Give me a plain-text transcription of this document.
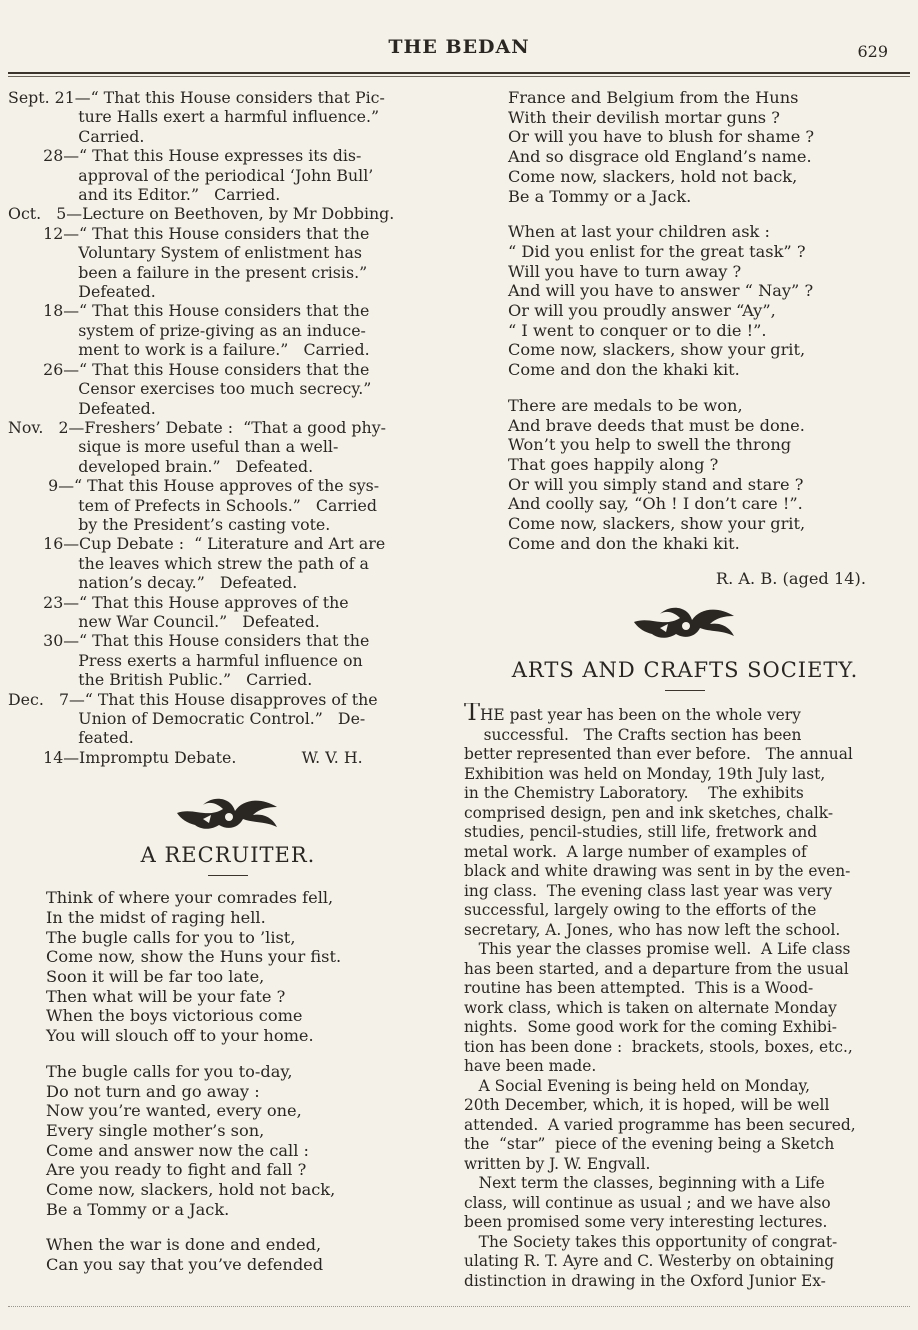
THE BEDAN	629
Sept. 21—“ That this House considers that Pic-
ture Halls exert a harmful influence.”
Carried.
28—“ That this House expresses its dis-
approval of the periodical ‘John Bull’
and its Editor.”   Carried.
Oct.   5—Lecture on Beethoven, by Mr Dobbing.
12—“ That this House considers that the
Voluntary System of enlistment has
been a failure in the present crisis.”
Defeated.
18—“ That this House considers that the
system of prize-giving as an induce-
ment to work is a failure.”   Carried.
26—“ That this House considers that the
Censor exercises too much secrecy.”
Defeated.
Nov.   2—Freshers’ Debate :  “That a good phy-
sique is more useful than a well-
developed brain.”   Defeated.
9—“ That this House approves of the sys-
tem of Prefects in Schools.”   Carried
by the President’s casting vote.
16—Cup Debate :  “ Literature and Art are
the leaves which strew the path of a
nation’s decay.”   Defeated.
23—“ That this House approves of the
new War Council.”   Defeated.
30—“ That this House considers that the
Press exerts a harmful influence on
the British Public.”   Carried.
Dec.   7—“ That this House disapproves of the
Union of Democratic Control.”   De-
feated.
14—Impromptu Debate.             W. V. H.
A RECRUITER.
Think of where your comrades fell,
In the midst of raging hell.
The bugle calls for you to ’list,
Come now, show the Huns your fist.
Soon it will be far too late,
Then what will be your fate ?
When the boys victorious come
You will slouch off to your home.
The bugle calls for you to-day,
Do not turn and go away :
Now you’re wanted, every one,
Every single mother’s son,
Come and answer now the call :
Are you ready to fight and fall ?
Come now, slackers, hold not back,
Be a Tommy or a Jack.
When the war is done and ended,
Can you say that you’ve defended
France and Belgium from the Huns
With their devilish mortar guns ?
Or will you have to blush for shame ?
And so disgrace old England’s name.
Come now, slackers, hold not back,
Be a Tommy or a Jack.
When at last your children ask :
“ Did you enlist for the great task” ?
Will you have to turn away ?
And will you have to answer “ Nay” ?
Or will you proudly answer “Ay”,
“ I went to conquer or to die !”.
Come now, slackers, show your grit,
Come and don the khaki kit.
There are medals to be won,
And brave deeds that must be done.
Won’t you help to swell the throng
That goes happily along ?
Or will you simply stand and stare ?
And coolly say, “Oh ! I don’t care !”.
Come now, slackers, show your grit,
Come and don the khaki kit.
R. A. B. (aged 14).
ARTS AND CRAFTS SOCIETY.
THE past year has been on the whole very
successful.   The Crafts section has been
better represented than ever before.   The annual
Exhibition was held on Monday, 19th July last,
in the Chemistry Laboratory.    The exhibits
comprised design, pen and ink sketches, chalk-
studies, pencil-studies, still life, fretwork and
metal work.  A large number of examples of
black and white drawing was sent in by the even-
ing class.  The evening class last year was very
successful, largely owing to the efforts of the
secretary, A. Jones, who has now left the school.
This year the classes promise well.  A Life class
has been started, and a departure from the usual
routine has been attempted.  This is a Wood-
work class, which is taken on alternate Monday
nights.  Some good work for the coming Exhibi-
tion has been done :  brackets, stools, boxes, etc.,
have been made.
A Social Evening is being held on Monday,
20th December, which, it is hoped, will be well
attended.  A varied programme has been secured,
the  “star”  piece of the evening being a Sketch
written by J. W. Engvall.
Next term the classes, beginning with a Life
class, will continue as usual ; and we have also
been promised some very interesting lectures.
The Society takes this opportunity of congrat-
ulating R. T. Ayre and C. Westerby on obtaining
distinction in drawing in the Oxford Junior Ex-
